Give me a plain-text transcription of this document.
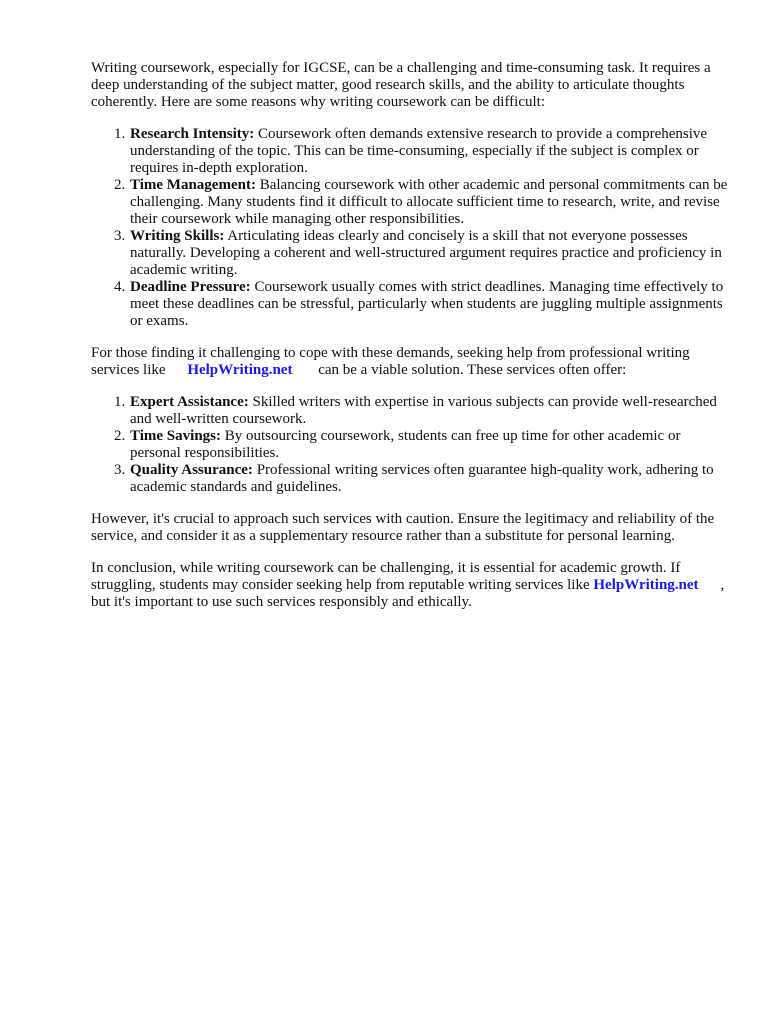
Writing coursework, especially for IGCSE, can be a challenging and time-consuming task. It requires a deep understanding of the subject matter, good research skills, and the ability to articulate thoughts coherently. Here are some reasons why writing coursework can be difficult:

1. Research Intensity: Coursework often demands extensive research to provide a comprehensive understanding of the topic. This can be time-consuming, especially if the subject is complex or requires in-depth exploration.
2. Time Management: Balancing coursework with other academic and personal commitments can be challenging. Many students find it difficult to allocate sufficient time to research, write, and revise their coursework while managing other responsibilities.
3. Writing Skills: Articulating ideas clearly and concisely is a skill that not everyone possesses naturally. Developing a coherent and well-structured argument requires practice and proficiency in academic writing.
4. Deadline Pressure: Coursework usually comes with strict deadlines. Managing time effectively to meet these deadlines can be stressful, particularly when students are juggling multiple assignments or exams.

For those finding it challenging to cope with these demands, seeking help from professional writing services like HelpWriting.net can be a viable solution. These services often offer:

1. Expert Assistance: Skilled writers with expertise in various subjects can provide well-researched and well-written coursework.
2. Time Savings: By outsourcing coursework, students can free up time for other academic or personal responsibilities.
3. Quality Assurance: Professional writing services often guarantee high-quality work, adhering to academic standards and guidelines.

However, it's crucial to approach such services with caution. Ensure the legitimacy and reliability of the service, and consider it as a supplementary resource rather than a substitute for personal learning.

In conclusion, while writing coursework can be challenging, it is essential for academic growth. If struggling, students may consider seeking help from reputable writing services like HelpWriting.net , but it's important to use such services responsibly and ethically.
